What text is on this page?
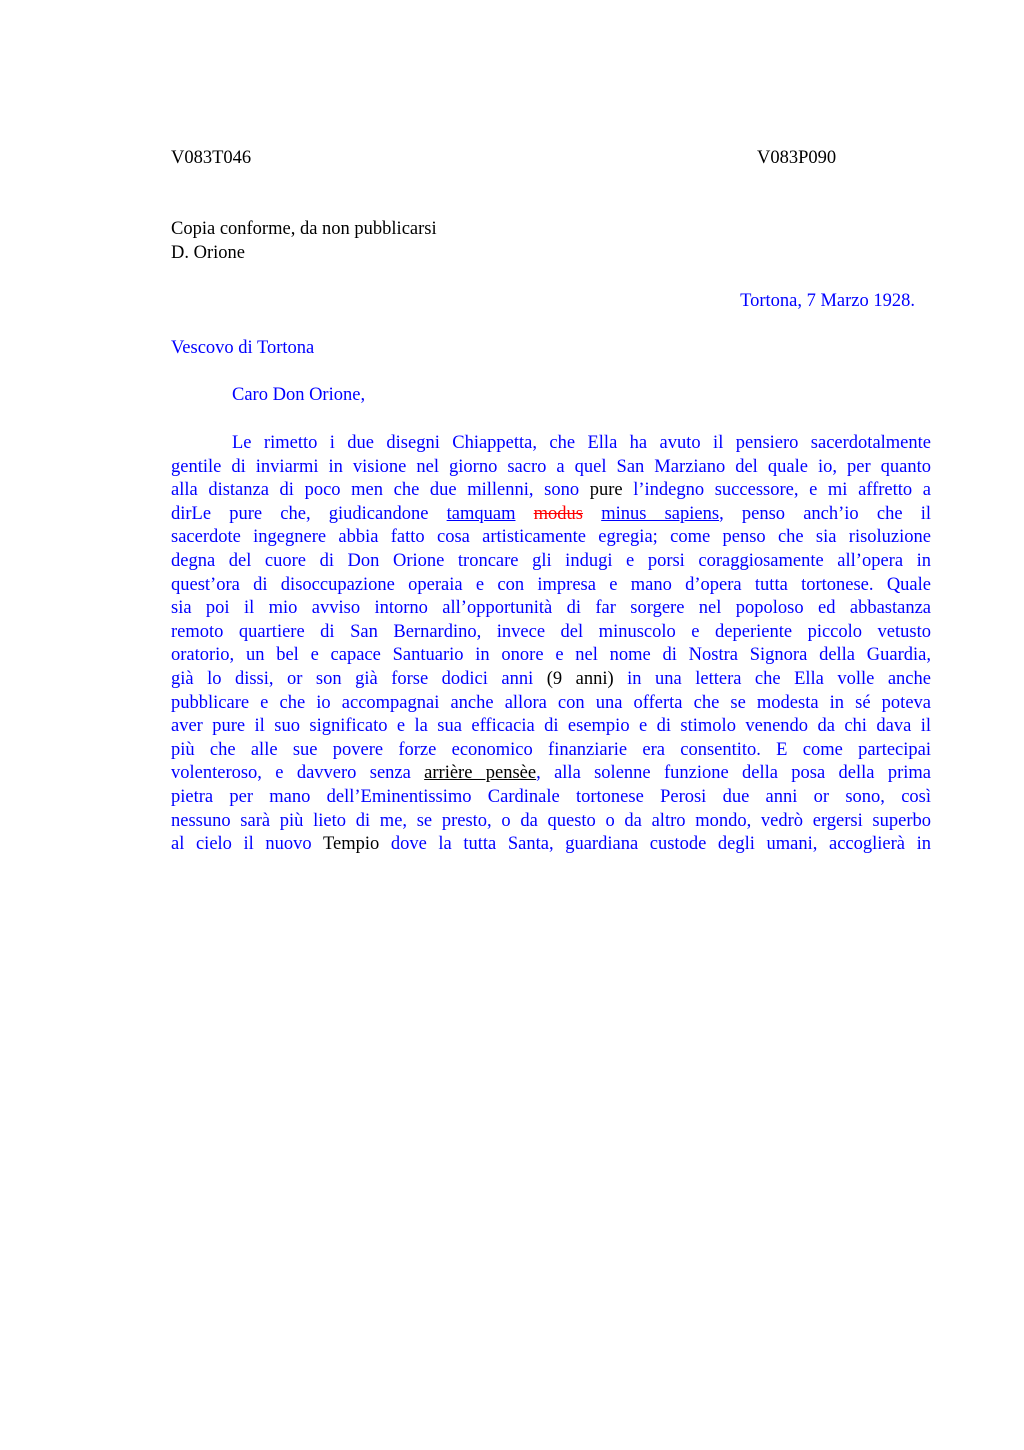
V083T046	V083P090
Copia conforme, da non pubblicarsi
D. Orione
Tortona, 7 Marzo 1928.
Vescovo di Tortona
Caro Don Orione,
Le rimetto i due disegni Chiappetta, che Ella ha avuto il pensiero sacerdotalmente
gentile di inviarmi in visione nel giorno sacro a quel San Marziano del quale io, per quanto
alla distanza di poco men che due millenni, sono pure l’indegno successore, e mi affretto a
dirLe pure che, giudicandone tamquam modus minus sapiens, penso anch’io che il
sacerdote ingegnere abbia fatto cosa artisticamente egregia; come penso che sia risoluzione
degna del cuore di Don Orione troncare gli indugi e porsi coraggiosamente all’opera in
quest’ora di disoccupazione operaia e con impresa e mano d’opera tutta tortonese. Quale
sia poi il mio avviso intorno all’opportunità di far sorgere nel popoloso ed abbastanza
remoto quartiere di San Bernardino, invece del minuscolo e deperiente piccolo vetusto
oratorio, un bel e capace Santuario in onore e nel nome di Nostra Signora della Guardia,
già lo dissi, or son già forse dodici anni (9 anni) in una lettera che Ella volle anche
pubblicare e che io accompagnai anche allora con una offerta che se modesta in sé poteva
aver pure il suo significato e la sua efficacia di esempio e di stimolo venendo da chi dava il
più che alle sue povere forze economico finanziarie era consentito. E come partecipai
volenteroso, e davvero senza arrière pensèe, alla solenne funzione della posa della prima
pietra per mano dell’Eminentissimo Cardinale tortonese Perosi due anni or sono, così
nessuno sarà più lieto di me, se presto, o da questo o da altro mondo, vedrò ergersi superbo
al cielo il nuovo Tempio dove la tutta Santa, guardiana custode degli umani, accoglierà in
